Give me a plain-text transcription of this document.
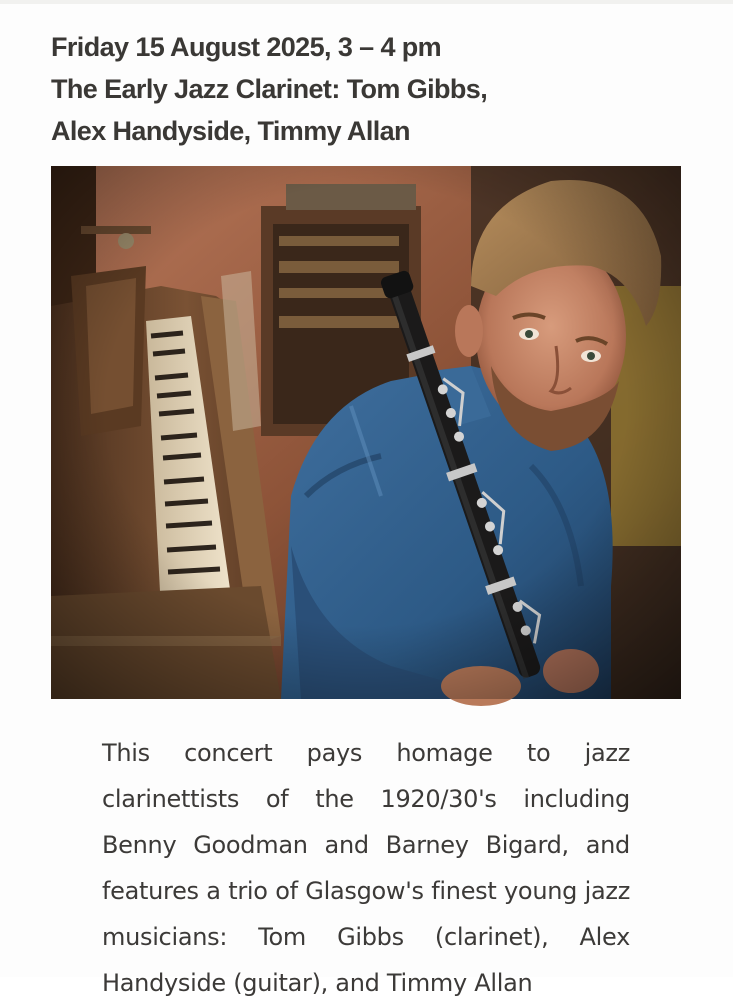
Friday 15 August 2025, 3 – 4 pm
The Early Jazz Clarinet: Tom Gibbs,
Alex Handyside, Timmy Allan

This concert pays homage to jazz clarinettists of the 1920/30's including Benny Goodman and Barney Bigard, and features a trio of Glasgow's finest young jazz musicians: Tom Gibbs (clarinet), Alex Handyside (guitar), and Timmy Allan
